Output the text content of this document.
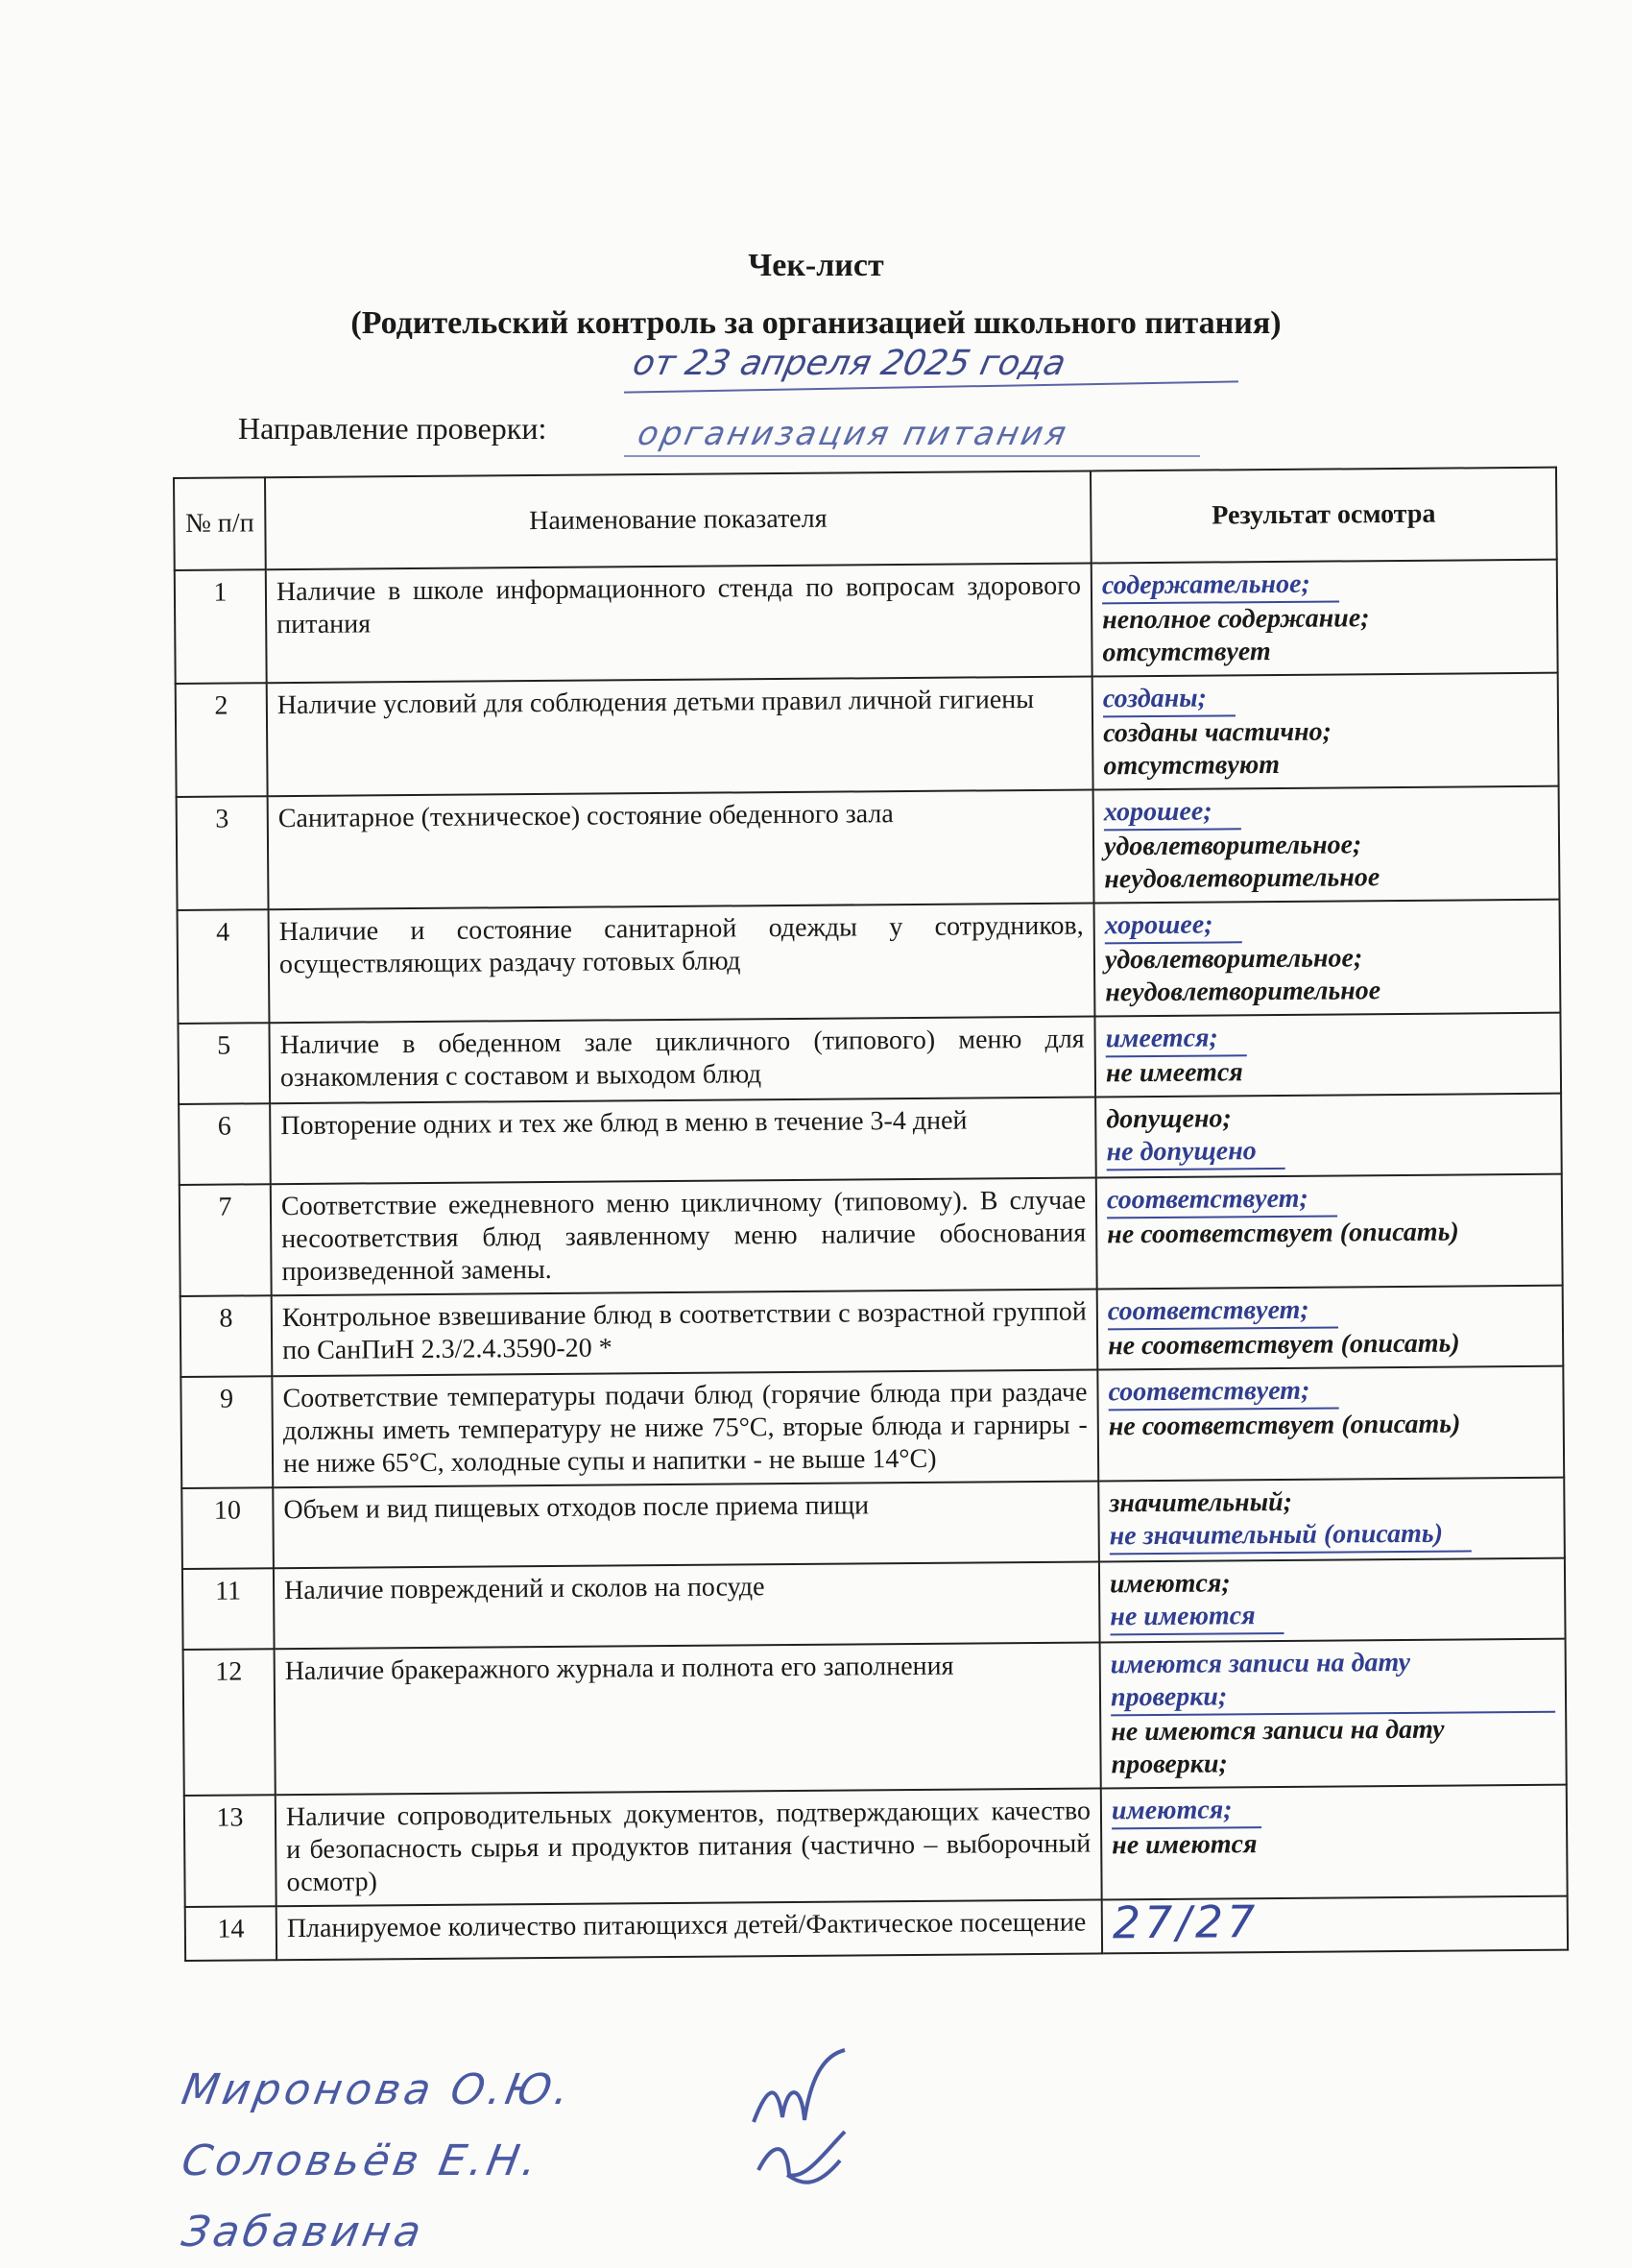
Чек-лист
(Родительский контроль за организацией школьного питания)
от 23 апреля 2025 года
Направление проверки:	организация питания
№ п/п	Наименование показателя	Результат осмотра
1	Наличие в школе информационного стенда по вопросам здорового питания	содержательное;
неполное содержание;
отсутствует

2	Наличие условий для соблюдения детьми правил личной гигиены	созданы;
созданы частично;
отсутствуют

3	Санитарное (техническое) состояние обеденного зала	хорошее;
удовлетворительное;
неудовлетворительное

4	Наличие и состояние санитарной одежды у сотрудников, осуществляющих раздачу готовых блюд	хорошее;
удовлетворительное;
неудовлетворительное

5	Наличие в обеденном зале цикличного (типового) меню для ознакомления с составом и выходом блюд	имеется;
не имеется

6	Повторение одних и тех же блюд в меню в течение 3-4 дней	допущено;
не допущено

7	Соответствие ежедневного меню цикличному (типовому). В случае несоответствия блюд заявленному меню наличие обоснования произведенной замены.	соответствует;
не соответствует (описать)

8	Контрольное взвешивание блюд в соответствии с возрастной группой по СанПиН 2.3/2.4.3590-20 *	соответствует;
не соответствует (описать)

9	Соответствие температуры подачи блюд (горячие блюда при раздаче должны иметь температуру не ниже 75°С, вторые блюда и гарниры - не ниже 65°С, холодные супы и напитки - не выше 14°С)	соответствует;
не соответствует (описать)

10	Объем и вид пищевых отходов после приема пищи	значительный;
не значительный (описать)

11	Наличие повреждений и сколов на посуде	имеются;
не имеются

12	Наличие бракеражного журнала и полнота его заполнения	имеются записи на дату проверки;
не имеются записи на дату проверки;

13	Наличие сопроводительных документов, подтверждающих качество и безопасность сырья и продуктов питания (частично – выборочный осмотр)	имеются;
не имеются

14	Планируемое количество питающихся детей/Фактическое посещение	27/27
Миронова О.Ю.
Соловьёв Е.Н.
Забавина
